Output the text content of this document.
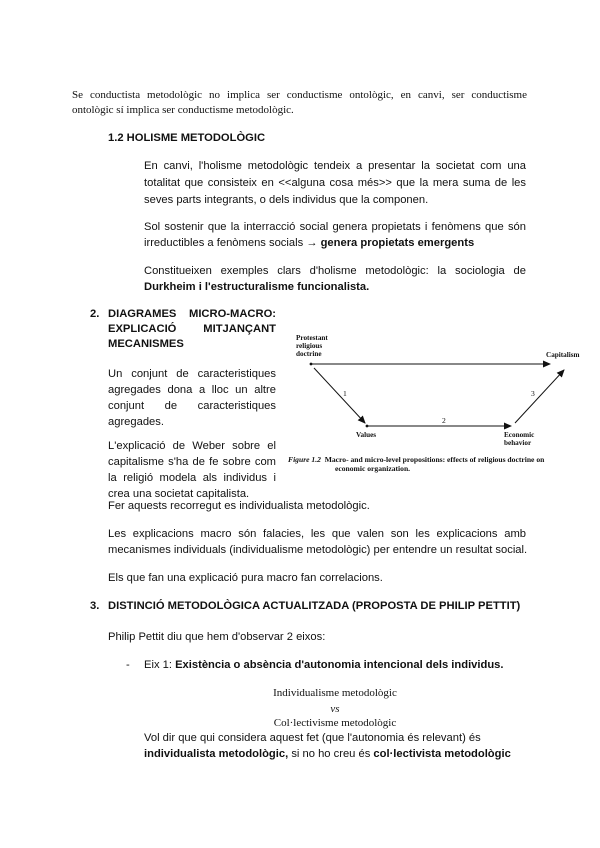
Se conductista metodològic no implica ser conductisme ontològic, en canvi, ser conductisme
ontològic sí implica ser conductisme metodològic.
1.2 HOLISME METODOLÒGIC
En canvi, l'holisme metodològic tendeix a presentar la societat com una
totalitat que consisteix en <<alguna cosa més>> que la mera suma de les
seves parts integrants, o dels individus que la componen.
Sol sostenir que la interracció social genera propietats i fenòmens que són
irreductibles a fenòmens socials → genera propietats emergents
Constitueixen exemples clars d'holisme metodològic: la sociologia de
Durkheim i l'estructuralisme funcionalista.
2. DIAGRAMES MICRO-MACRO:
EXPLICACIÓ MITJANÇANT
MECANISMES
Un conjunt de caracteristiques
agregades dona a lloc un altre
conjunt de caracteristiques
agregades.
L'explicació de Weber sobre el
capitalisme s'ha de fe sobre com
la religió modela als individus i
crea una societat capitalista.
Fer aquests recorregut es individualista metodològic.
Protestant
religious
doctrine	Capitalism
Values	Economic
behavior
1
2
3
Figure 1.2 Macro- and micro-level propositions: effects of religious doctrine on
economic organization.
Les explicacions macro són falacies, les que valen son les explicacions amb
mecanismes individuals (individualisme metodològic) per entendre un resultat social.
Els que fan una explicació pura macro fan correlacions.
3. DISTINCIÓ METODOLÒGICA ACTUALITZADA (PROPOSTA DE PHILIP PETTIT)
Philip Pettit diu que hem d'observar 2 eixos:
- Eix 1: Existència o absència d'autonomia intencional dels individus.
Individualisme metodològic
vs
Col·lectivisme metodològic
Vol dir que qui considera aquest fet (que l'autonomia és relevant) és
individualista metodològic, si no ho creu és col·lectivista metodològic
